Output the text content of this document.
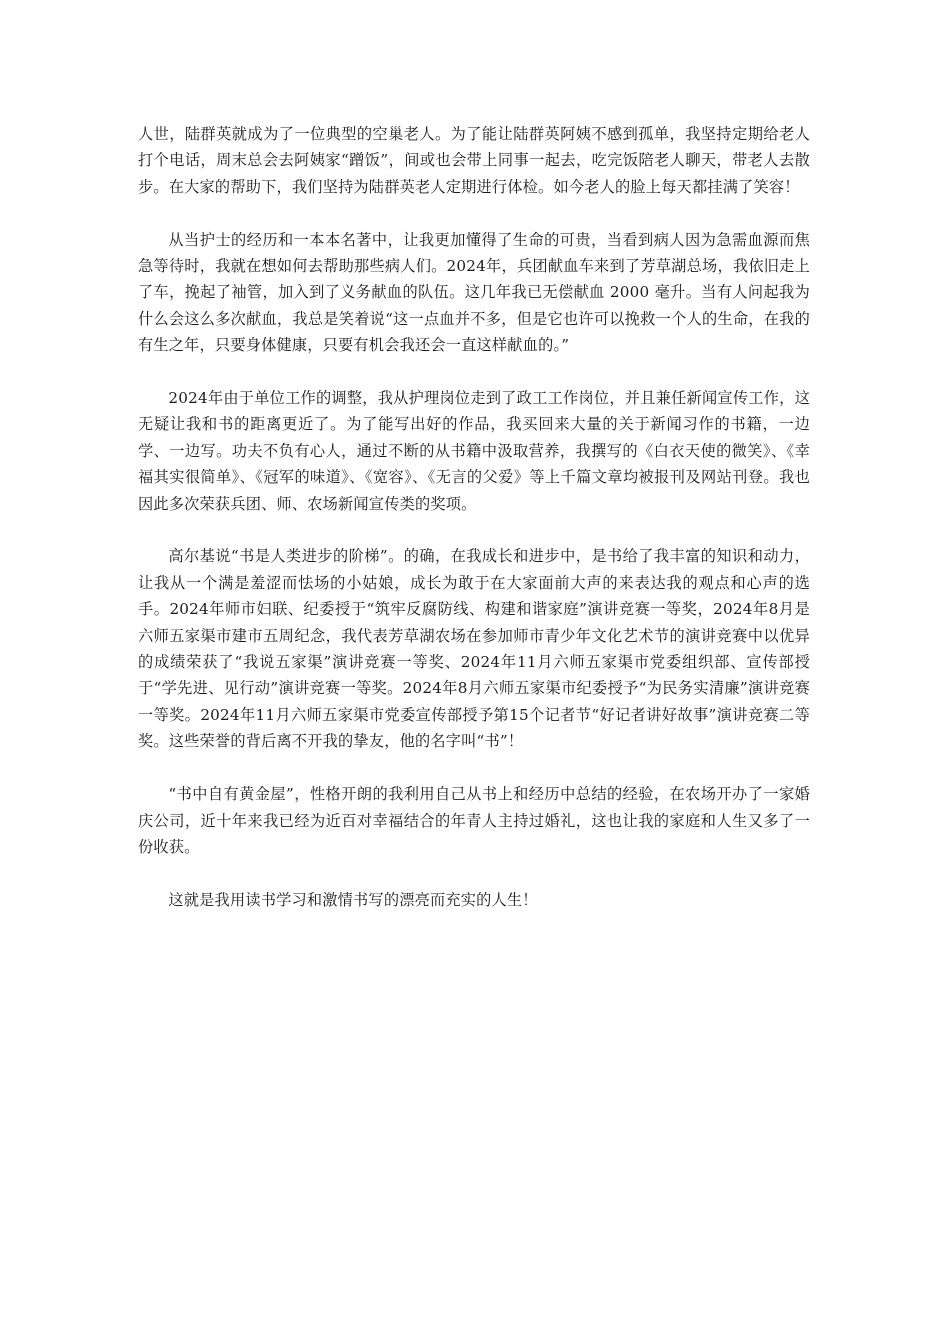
人世，陆群英就成为了一位典型的空巢老人。为了能让陆群英阿姨不感到孤单，我坚持定期给老人打个电话，周末总会去阿姨家“蹭饭”，间或也会带上同事一起去，吃完饭陪老人聊天，带老人去散步。在大家的帮助下，我们坚持为陆群英老人定期进行体检。如今老人的脸上每天都挂满了笑容！

从当护士的经历和一本本名著中，让我更加懂得了生命的可贵，当看到病人因为急需血源而焦急等待时，我就在想如何去帮助那些病人们。2024年，兵团献血车来到了芳草湖总场，我依旧走上了车，挽起了袖管，加入到了义务献血的队伍。这几年我已无偿献血 2000 毫升。当有人问起我为什么会这么多次献血，我总是笑着说“这一点血并不多，但是它也许可以挽救一个人的生命，在我的有生之年，只要身体健康，只要有机会我还会一直这样献血的。”

2024年由于单位工作的调整，我从护理岗位走到了政工工作岗位，并且兼任新闻宣传工作，这无疑让我和书的距离更近了。为了能写出好的作品，我买回来大量的关于新闻习作的书籍，一边学、一边写。功夫不负有心人，通过不断的从书籍中汲取营养，我撰写的《白衣天使的微笑》、《幸福其实很简单》、《冠军的味道》、《宽容》、《无言的父爱》等上千篇文章均被报刊及网站刊登。我也因此多次荣获兵团、师、农场新闻宣传类的奖项。

高尔基说“书是人类进步的阶梯”。的确，在我成长和进步中，是书给了我丰富的知识和动力，让我从一个满是羞涩而怯场的小姑娘，成长为敢于在大家面前大声的来表达我的观点和心声的选手。2024年师市妇联、纪委授于“筑牢反腐防线、构建和谐家庭”演讲竞赛一等奖，2024年8月是六师五家渠市建市五周纪念，我代表芳草湖农场在参加师市青少年文化艺术节的演讲竞赛中以优异的成绩荣获了“我说五家渠”演讲竞赛一等奖、2024年11月六师五家渠市党委组织部、宣传部授于“学先进、见行动”演讲竞赛一等奖。2024年8月六师五家渠市纪委授予“为民务实清廉”演讲竞赛一等奖。2024年11月六师五家渠市党委宣传部授予第15个记者节“好记者讲好故事”演讲竞赛二等奖。这些荣誉的背后离不开我的挚友，他的名字叫“书”！

“书中自有黄金屋”，性格开朗的我利用自己从书上和经历中总结的经验，在农场开办了一家婚庆公司，近十年来我已经为近百对幸福结合的年青人主持过婚礼，这也让我的家庭和人生又多了一份收获。

这就是我用读书学习和激情书写的漂亮而充实的人生！
